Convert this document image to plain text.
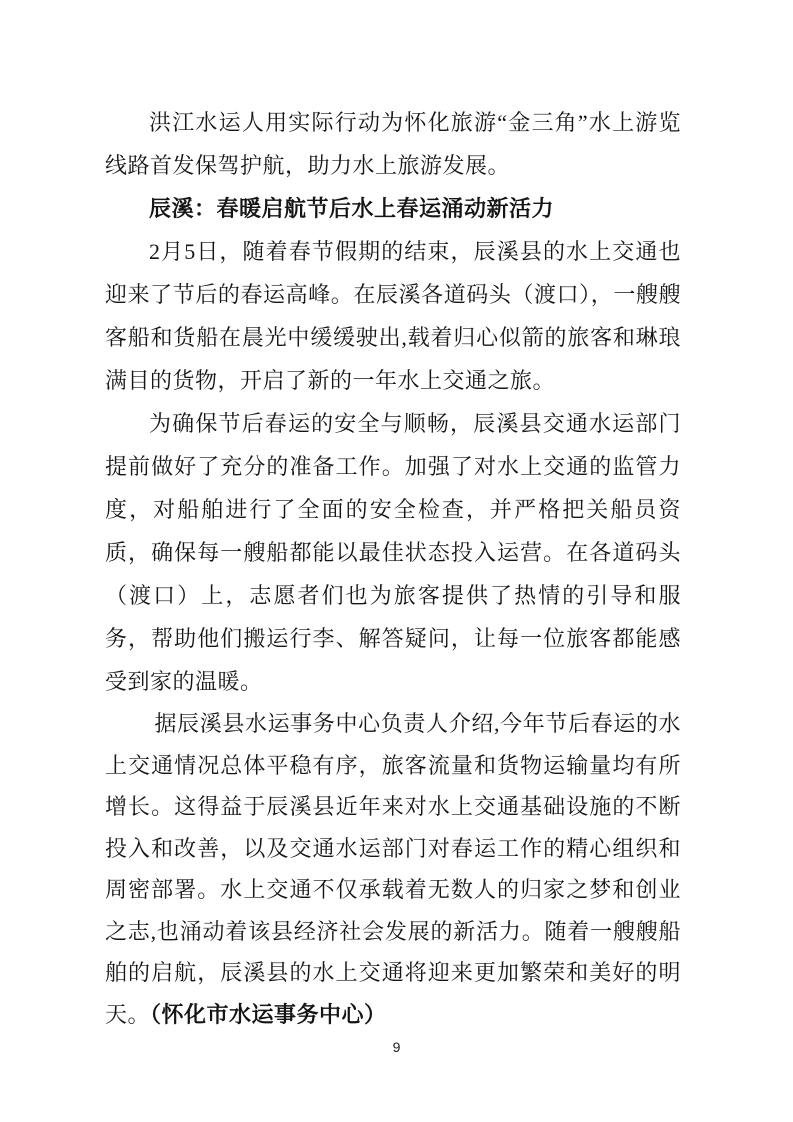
洪江水运人用实际行动为怀化旅游“金三角”水上游览线路首发保驾护航，助力水上旅游发展。

辰溪：春暖启航节后水上春运涌动新活力

2月5日，随着春节假期的结束，辰溪县的水上交通也迎来了节后的春运高峰。在辰溪各道码头（渡口），一艘艘客船和货船在晨光中缓缓驶出,载着归心似箭的旅客和琳琅满目的货物，开启了新的一年水上交通之旅。

为确保节后春运的安全与顺畅，辰溪县交通水运部门提前做好了充分的准备工作。加强了对水上交通的监管力度，对船舶进行了全面的安全检查，并严格把关船员资质，确保每一艘船都能以最佳状态投入运营。在各道码头（渡口）上，志愿者们也为旅客提供了热情的引导和服务，帮助他们搬运行李、解答疑问，让每一位旅客都能感受到家的温暖。

据辰溪县水运事务中心负责人介绍,今年节后春运的水上交通情况总体平稳有序，旅客流量和货物运输量均有所增长。这得益于辰溪县近年来对水上交通基础设施的不断投入和改善，以及交通水运部门对春运工作的精心组织和周密部署。水上交通不仅承载着无数人的归家之梦和创业之志,也涌动着该县经济社会发展的新活力。随着一艘艘船舶的启航，辰溪县的水上交通将迎来更加繁荣和美好的明天。（怀化市水运事务中心）

9
